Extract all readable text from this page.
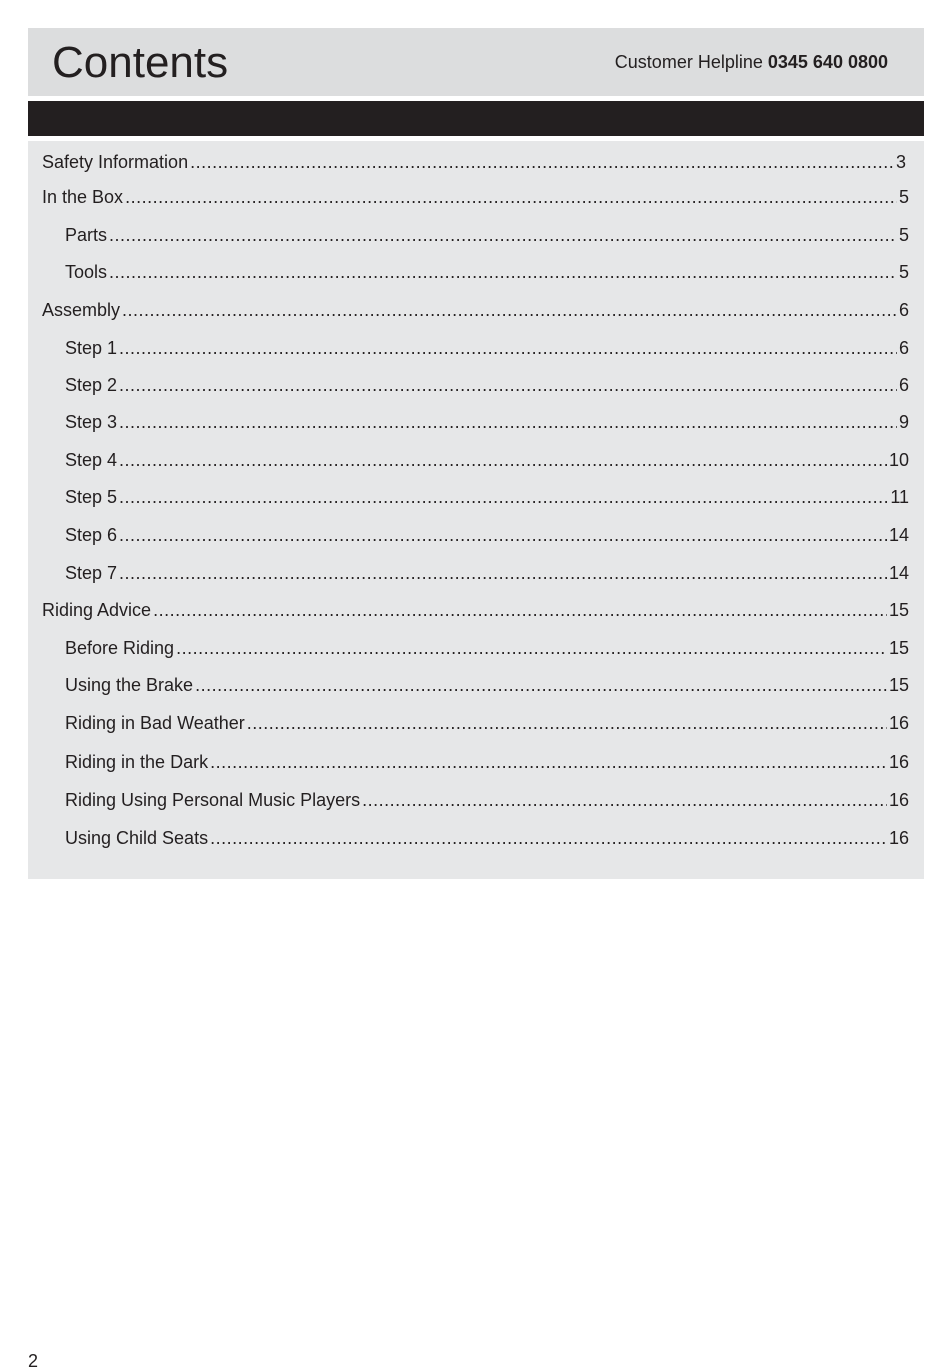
Contents	Customer Helpline 0345 640 0800
Safety Information .....	3
In the Box .....	5
Parts .....	5
Tools .....	5
Assembly .....	6
Step 1 .....	6
Step 2 .....	6
Step 3 .....	9
Step 4 .....	10
Step 5 .....	11
Step 6 .....	14
Step 7 .....	14
Riding Advice .....	15
Before Riding .....	15
Using the Brake .....	15
Riding in Bad Weather .....	16
Riding in the Dark .....	16
Riding Using Personal Music Players .....	16
Using Child Seats .....	16
2
